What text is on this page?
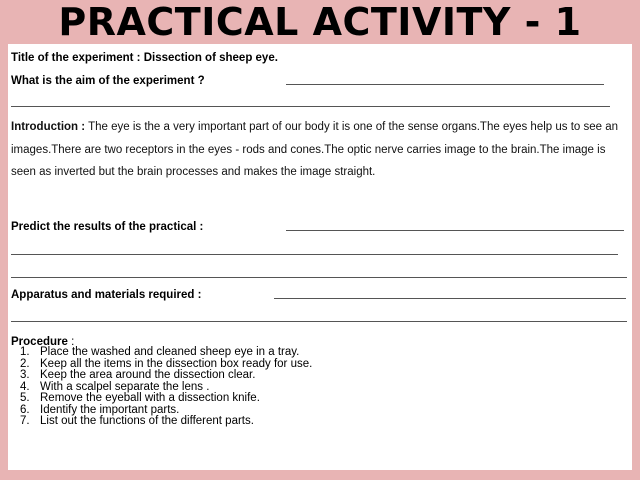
PRACTICAL ACTIVITY - 1
Title of the experiment : Dissection of sheep eye.
What is the aim of the experiment ?
Introduction : The eye is the a very important part of our body it is one of the sense organs.The eyes help us to see an images.There are two receptors in the eyes - rods and cones.The optic nerve carries image to the brain.The image is seen as inverted but the brain processes and makes the image straight.
Predict the results of the practical :
Apparatus and materials required :
Procedure :
1. Place the washed and cleaned sheep eye in a tray.
2. Keep all the items in the dissection box ready for use.
3. Keep the area around the dissection clear.
4. With a scalpel separate the lens .
5. Remove the eyeball with a dissection knife.
6. Identify the important parts.
7. List out the functions of the different parts.
